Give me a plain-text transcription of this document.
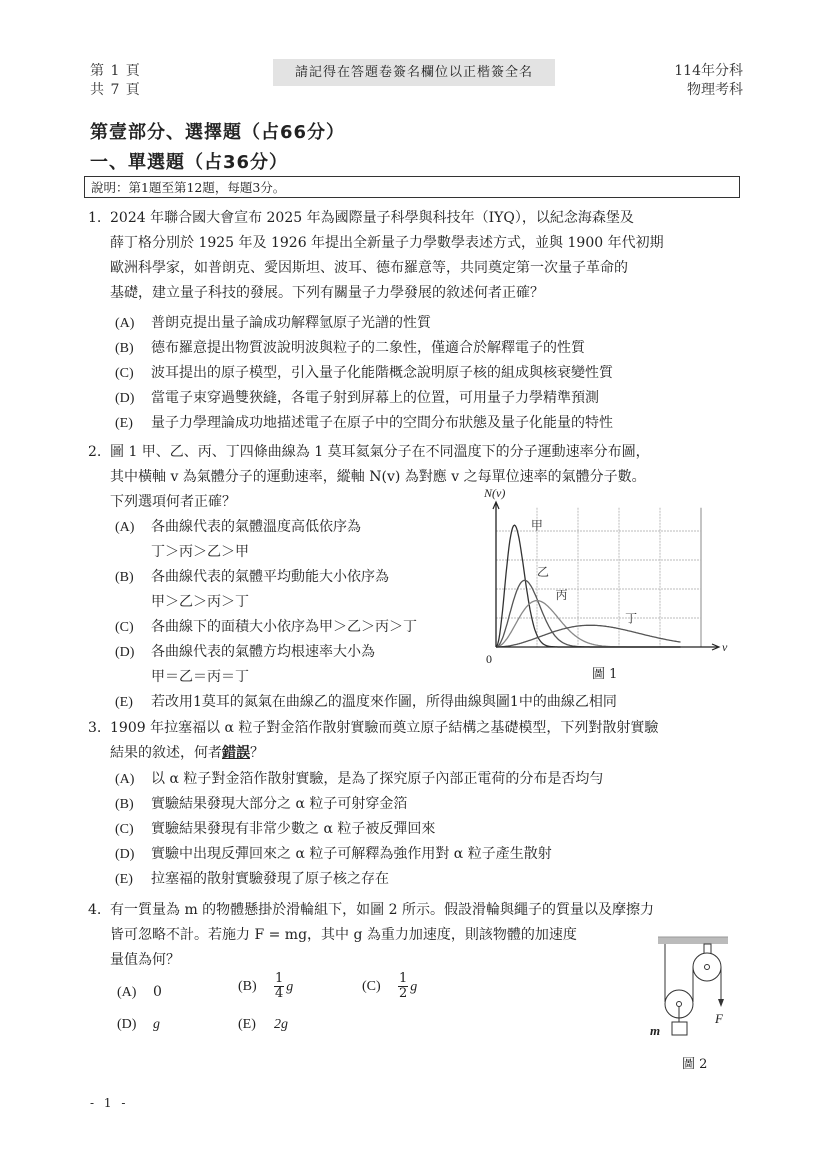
第 1 頁
共 7 頁
請記得在答題卷簽名欄位以正楷簽全名	114年分科
物理考科
第壹部分、選擇題（占66分）
一、單選題（占36分）
說明：第1題至第12題，每題3分。
1. 2024 年聯合國大會宣布 2025 年為國際量子科學與科技年（IYQ），以紀念海森堡及
薛丁格分別於 1925 年及 1926 年提出全新量子力學數學表述方式，並與 1900 年代初期
歐洲科學家，如普朗克、愛因斯坦、波耳、德布羅意等，共同奠定第一次量子革命的
基礎，建立量子科技的發展。下列有關量子力學發展的敘述何者正確？
(A) 普朗克提出量子論成功解釋氫原子光譜的性質
(B) 德布羅意提出物質波說明波與粒子的二象性，僅適合於解釋電子的性質
(C) 波耳提出的原子模型，引入量子化能階概念說明原子核的組成與核衰變性質
(D) 當電子束穿過雙狹縫，各電子射到屏幕上的位置，可用量子力學精準預測
(E) 量子力學理論成功地描述電子在原子中的空間分布狀態及量子化能量的特性
2. 圖 1 甲、乙、丙、丁四條曲線為 1 莫耳氦氣分子在不同溫度下的分子運動速率分布圖，
其中橫軸 v 為氣體分子的運動速率，縱軸 N(v) 為對應 v 之每單位速率的氣體分子數。
下列選項何者正確？
(A) 各曲線代表的氣體溫度高低依序為
丁＞丙＞乙＞甲
(B) 各曲線代表的氣體平均動能大小依序為
甲＞乙＞丙＞丁
(C) 各曲線下的面積大小依序為甲＞乙＞丙＞丁
(D) 各曲線代表的氣體方均根速率大小為
甲＝乙＝丙＝丁
(E) 若改用1莫耳的氮氣在曲線乙的溫度來作圖，所得曲線與圖1中的曲線乙相同
N(v)
v
0
圖 1
甲
乙
丙
丁
3. 1909 年拉塞福以 α 粒子對金箔作散射實驗而奠立原子結構之基礎模型，下列對散射實驗
結果的敘述，何者錯誤？
(A) 以 α 粒子對金箔作散射實驗，是為了探究原子內部正電荷的分布是否均勻
(B) 實驗結果發現大部分之 α 粒子可射穿金箔
(C) 實驗結果發現有非常少數之 α 粒子被反彈回來
(D) 實驗中出現反彈回來之 α 粒子可解釋為強作用對 α 粒子產生散射
(E) 拉塞福的散射實驗發現了原子核之存在
4. 有一質量為 m 的物體懸掛於滑輪組下，如圖 2 所示。假設滑輪與繩子的質量以及摩擦力
皆可忽略不計。若施力 F = mg，其中 g 為重力加速度，則該物體的加速度
量值為何？
(A) 0	$(B) \frac{1}{4}$ g	$(C) \frac{1}{2}$ g
(D) g	(E) 2g	m
F
圖 2
- 1 -
